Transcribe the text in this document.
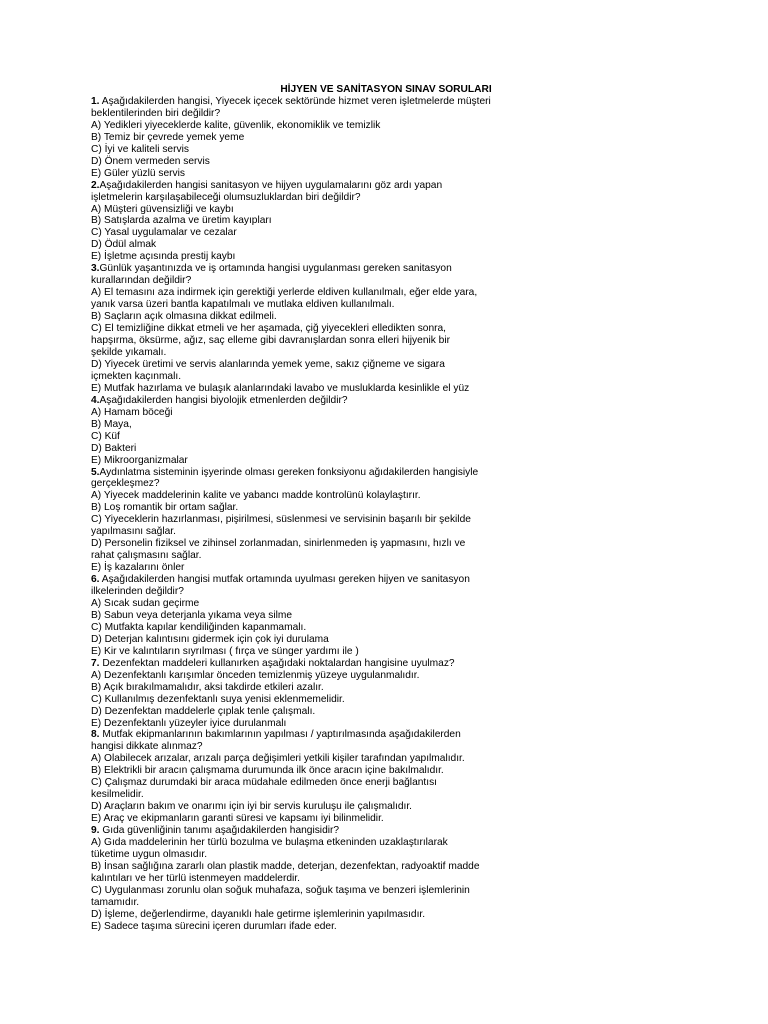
HİJYEN VE SANİTASYON SINAV SORULARI
1. Aşağıdakilerden hangisi, Yiyecek içecek sektöründe hizmet veren işletmelerde müşteri
beklentilerinden biri değildir?
A) Yedikleri yiyeceklerde kalite, güvenlik, ekonomiklik ve temizlik
B) Temiz bir çevrede yemek yeme
C) İyi ve kaliteli servis
D) Önem vermeden servis
E) Güler yüzlü servis
2.Aşağıdakilerden hangisi sanitasyon ve hijyen uygulamalarını göz ardı yapan
işletmelerin karşılaşabileceği olumsuzluklardan biri değildir?
A) Müşteri güvensizliği ve kaybı
B) Satışlarda azalma ve üretim kayıpları
C) Yasal uygulamalar ve cezalar
D) Ödül almak
E) İşletme açısında prestij kaybı
3.Günlük yaşantınızda ve iş ortamında hangisi uygulanması gereken sanitasyon
kurallarından değildir?
A) El temasını aza indirmek için gerektiği yerlerde eldiven kullanılmalı, eğer elde yara,
yanık varsa üzeri bantla kapatılmalı ve mutlaka eldiven kullanılmalı.
B) Saçların açık olmasına dikkat edilmeli.
C) El temizliğine dikkat etmeli ve her aşamada, çiğ yiyecekleri elledikten sonra,
hapşırma, öksürme, ağız, saç elleme gibi davranışlardan sonra elleri hijyenik bir
şekilde yıkamalı.
D) Yiyecek üretimi ve servis alanlarında yemek yeme, sakız çiğneme ve sigara
içmekten kaçınmalı.
E) Mutfak hazırlama ve bulaşık alanlarındaki lavabo ve musluklarda kesinlikle el yüz
4.Aşağıdakilerden hangisi biyolojik etmenlerden değildir?
A) Hamam böceği
B) Maya,
C) Küf
D) Bakteri
E) Mikroorganizmalar
5.Aydınlatma sisteminin işyerinde olması gereken fonksiyonu ağıdakilerden hangisiyle
gerçekleşmez?
A) Yiyecek maddelerinin kalite ve yabancı madde kontrolünü kolaylaştırır.
B) Loş romantik bir ortam sağlar.
C) Yiyeceklerin hazırlanması, pişirilmesi, süslenmesi ve servisinin başarılı bir şekilde
yapılmasını sağlar.
D) Personelin fiziksel ve zihinsel zorlanmadan, sinirlenmeden iş yapmasını, hızlı ve
rahat çalışmasını sağlar.
E) İş kazalarını önler
6. Aşağıdakilerden hangisi mutfak ortamında uyulması gereken hijyen ve sanitasyon
ilkelerinden değildir?
A) Sıcak sudan geçirme
B) Sabun veya deterjanla yıkama veya silme
C) Mutfakta kapılar kendiliğinden kapanmamalı.
D) Deterjan kalıntısını gidermek için çok iyi durulama
E) Kir ve kalıntıların sıyrılması ( fırça ve sünger yardımı ile )
7. Dezenfektan maddeleri kullanırken aşağıdaki noktalardan hangisine uyulmaz?
A) Dezenfektanlı karışımlar önceden temizlenmiş yüzeye uygulanmalıdır.
B) Açık bırakılmamalıdır, aksi takdirde etkileri azalır.
C) Kullanılmış dezenfektanlı suya yenisi eklenmemelidir.
D) Dezenfektan maddelerle çıplak tenle çalışmalı.
E) Dezenfektanlı yüzeyler iyice durulanmalı
8. Mutfak ekipmanlarının bakımlarının yapılması / yaptırılmasında aşağıdakilerden
hangisi dikkate alınmaz?
A) Olabilecek arızalar, arızalı parça değişimleri yetkili kişiler tarafından yapılmalıdır.
B) Elektrikli bir aracın çalışmama durumunda ilk önce aracın içine bakılmalıdır.
C) Çalışmaz durumdaki bir araca müdahale edilmeden önce enerji bağlantısı
kesilmelidir.
D) Araçların bakım ve onarımı için iyi bir servis kuruluşu ile çalışmalıdır.
E) Araç ve ekipmanların garanti süresi ve kapsamı iyi bilinmelidir.
9. Gıda güvenliğinin tanımı aşağıdakilerden hangisidir?
A) Gıda maddelerinin her türlü bozulma ve bulaşma etkeninden uzaklaştırılarak
tüketime uygun olmasıdır.
B) İnsan sağlığına zararlı olan plastik madde, deterjan, dezenfektan, radyoaktif madde
kalıntıları ve her türlü istenmeyen maddelerdir.
C) Uygulanması zorunlu olan soğuk muhafaza, soğuk taşıma ve benzeri işlemlerinin
tamamıdır.
D) İşleme, değerlendirme, dayanıklı hale getirme işlemlerinin yapılmasıdır.
E) Sadece taşıma sürecini içeren durumları ifade eder.
